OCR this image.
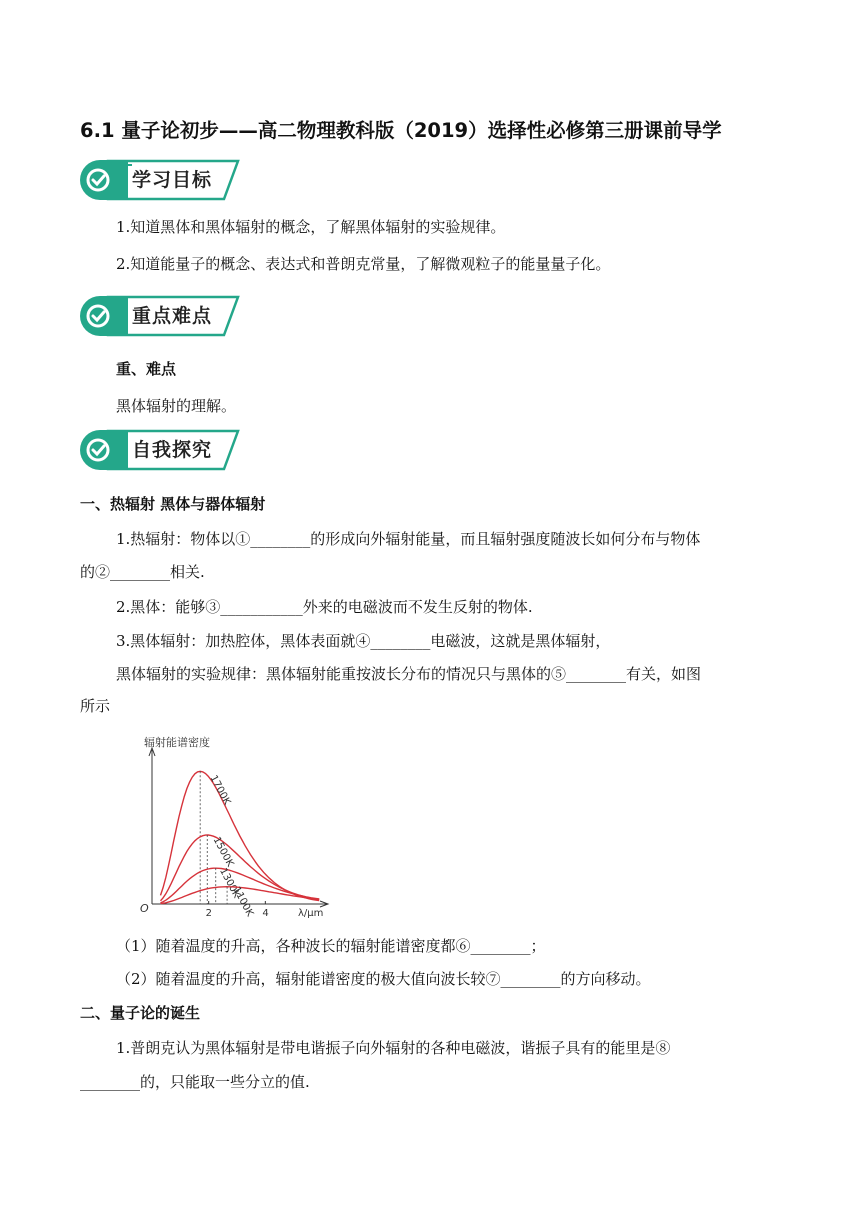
6.1 量子论初步——高二物理教科版（2019）选择性必修第三册课前导学
学习目标
1.知道黑体和黑体辐射的概念，了解黑体辐射的实验规律。
2.知道能量子的概念、表达式和普朗克常量，了解微观粒子的能量量子化。
重点难点
重、难点
黑体辐射的理解。
自我探究
一、热辐射 黑体与器体辐射
1.热辐射：物体以①________的形成向外辐射能量，而且辐射强度随波长如何分布与物体
的②________相关.
2.黑体：能够③___________外来的电磁波而不发生反射的物体.
3.黑体辐射：加热腔体，黑体表面就④________电磁波，这就是黑体辐射，
黑体辐射的实验规律：黑体辐射能重按波长分布的情况只与黑体的⑤________有关，如图
所示
辐射能谱密度
λ/μm
O	2	4
1700K
1500K
1300K
1100K
（1）随着温度的升高，各种波长的辐射能谱密度都⑥________；
（2）随着温度的升高，辐射能谱密度的极大值向波长较⑦________的方向移动。
二、量子论的诞生
1.普朗克认为黑体辐射是带电谐振子向外辐射的各种电磁波，谐振子具有的能里是⑧
________的，只能取一些分立的值.
